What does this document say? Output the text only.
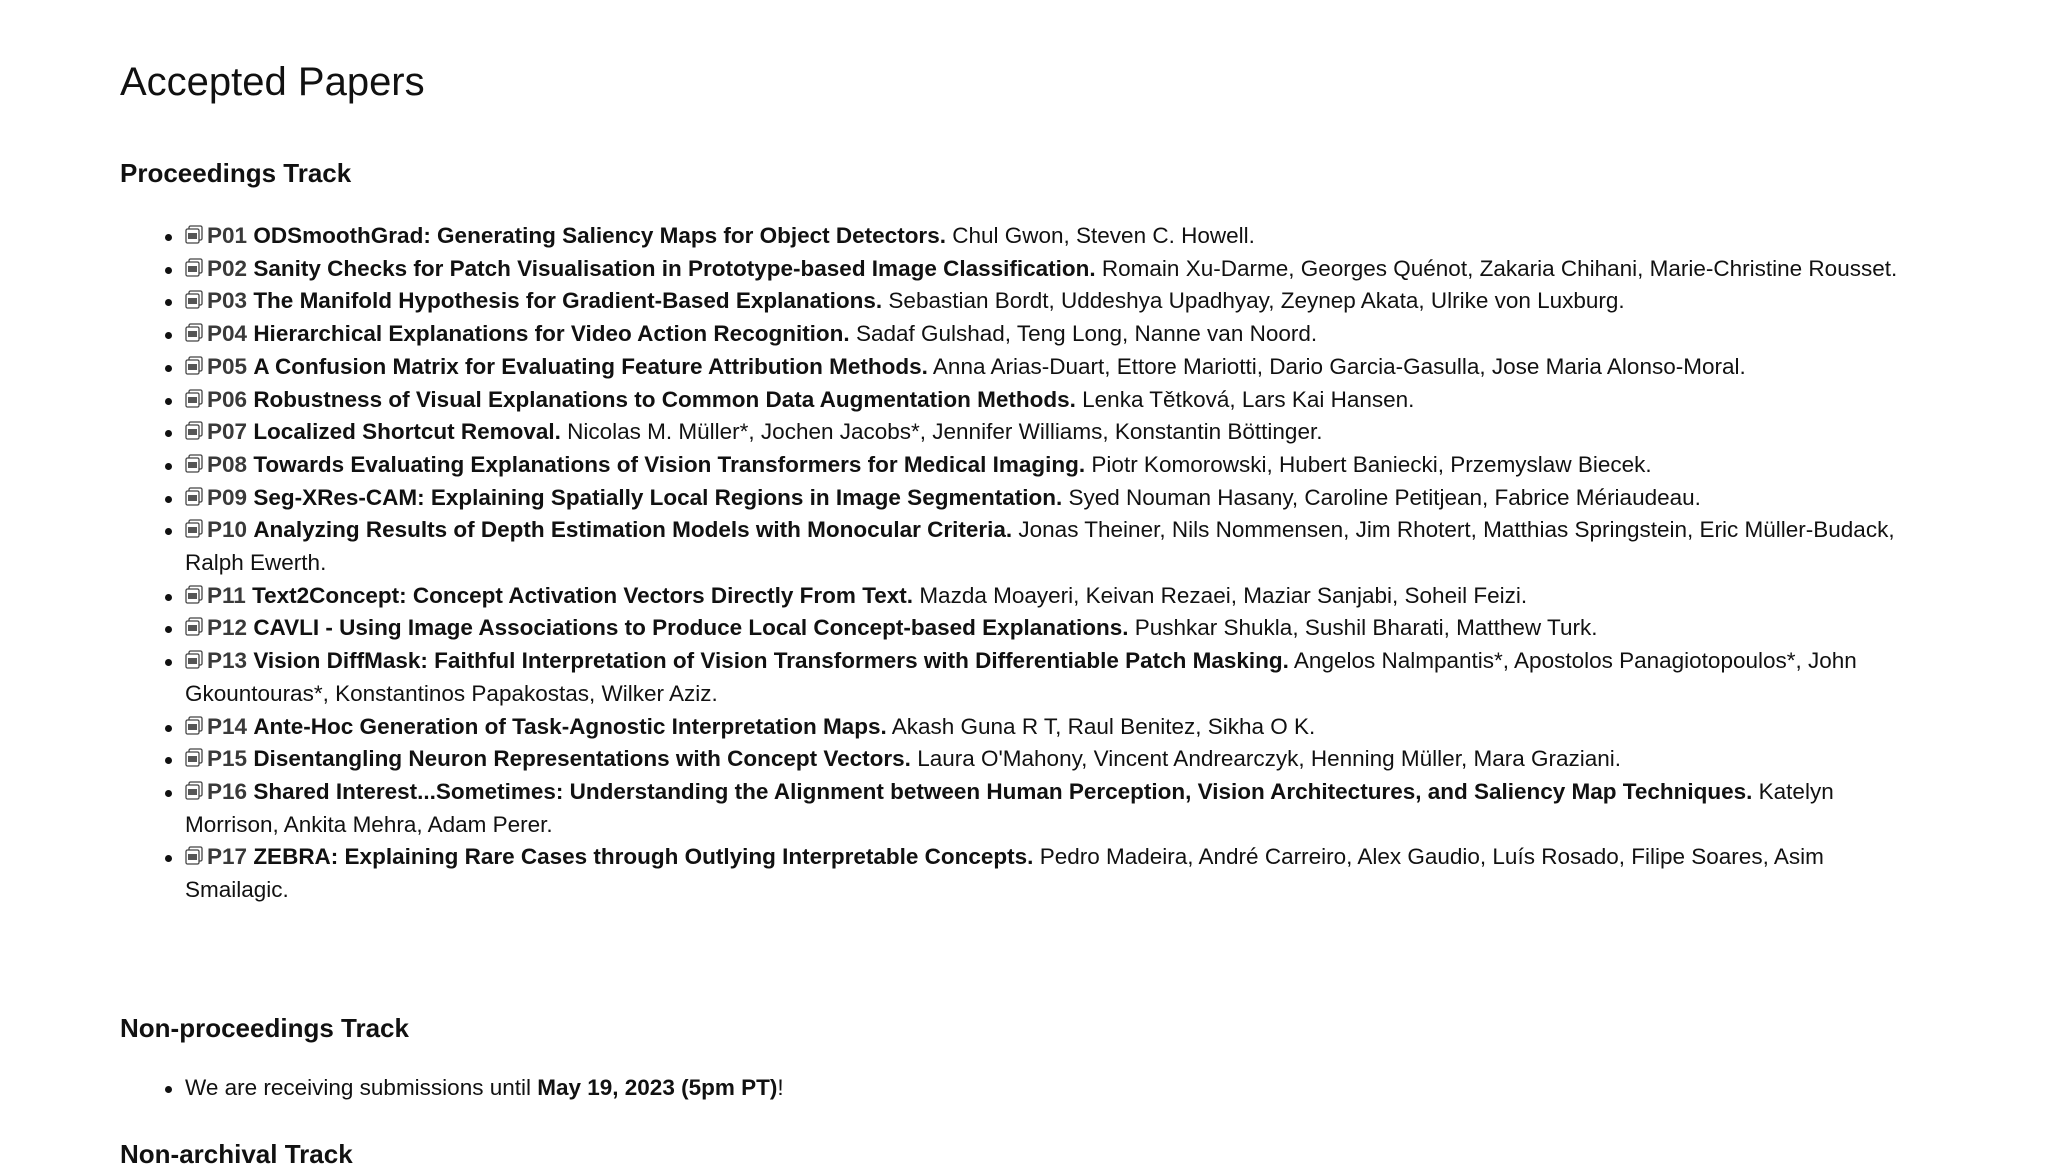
Accepted Papers
Proceedings Track
P01 ODSmoothGrad: Generating Saliency Maps for Object Detectors. Chul Gwon, Steven C. Howell.
P02 Sanity Checks for Patch Visualisation in Prototype-based Image Classification. Romain Xu-Darme, Georges Quénot, Zakaria Chihani, Marie-Christine Rousset.
P03 The Manifold Hypothesis for Gradient-Based Explanations. Sebastian Bordt, Uddeshya Upadhyay, Zeynep Akata, Ulrike von Luxburg.
P04 Hierarchical Explanations for Video Action Recognition. Sadaf Gulshad, Teng Long, Nanne van Noord.
P05 A Confusion Matrix for Evaluating Feature Attribution Methods. Anna Arias-Duart, Ettore Mariotti, Dario Garcia-Gasulla, Jose Maria Alonso-Moral.
P06 Robustness of Visual Explanations to Common Data Augmentation Methods. Lenka Tětková, Lars Kai Hansen.
P07 Localized Shortcut Removal. Nicolas M. Müller*, Jochen Jacobs*, Jennifer Williams, Konstantin Böttinger.
P08 Towards Evaluating Explanations of Vision Transformers for Medical Imaging. Piotr Komorowski, Hubert Baniecki, Przemyslaw Biecek.
P09 Seg-XRes-CAM: Explaining Spatially Local Regions in Image Segmentation. Syed Nouman Hasany, Caroline Petitjean, Fabrice Mériaudeau.
P10 Analyzing Results of Depth Estimation Models with Monocular Criteria. Jonas Theiner, Nils Nommensen, Jim Rhotert, Matthias Springstein, Eric Müller-Budack, Ralph Ewerth.
P11 Text2Concept: Concept Activation Vectors Directly From Text. Mazda Moayeri, Keivan Rezaei, Maziar Sanjabi, Soheil Feizi.
P12 CAVLI - Using Image Associations to Produce Local Concept-based Explanations. Pushkar Shukla, Sushil Bharati, Matthew Turk.
P13 Vision DiffMask: Faithful Interpretation of Vision Transformers with Differentiable Patch Masking. Angelos Nalmpantis*, Apostolos Panagiotopoulos*, John Gkountouras*, Konstantinos Papakostas, Wilker Aziz.
P14 Ante-Hoc Generation of Task-Agnostic Interpretation Maps. Akash Guna R T, Raul Benitez, Sikha O K.
P15 Disentangling Neuron Representations with Concept Vectors. Laura O'Mahony, Vincent Andrearczyk, Henning Müller, Mara Graziani.
P16 Shared Interest...Sometimes: Understanding the Alignment between Human Perception, Vision Architectures, and Saliency Map Techniques. Katelyn Morrison, Ankita Mehra, Adam Perer.
P17 ZEBRA: Explaining Rare Cases through Outlying Interpretable Concepts. Pedro Madeira, André Carreiro, Alex Gaudio, Luís Rosado, Filipe Soares, Asim Smailagic.
Non-proceedings Track
We are receiving submissions until May 19, 2023 (5pm PT)!
Non-archival Track
